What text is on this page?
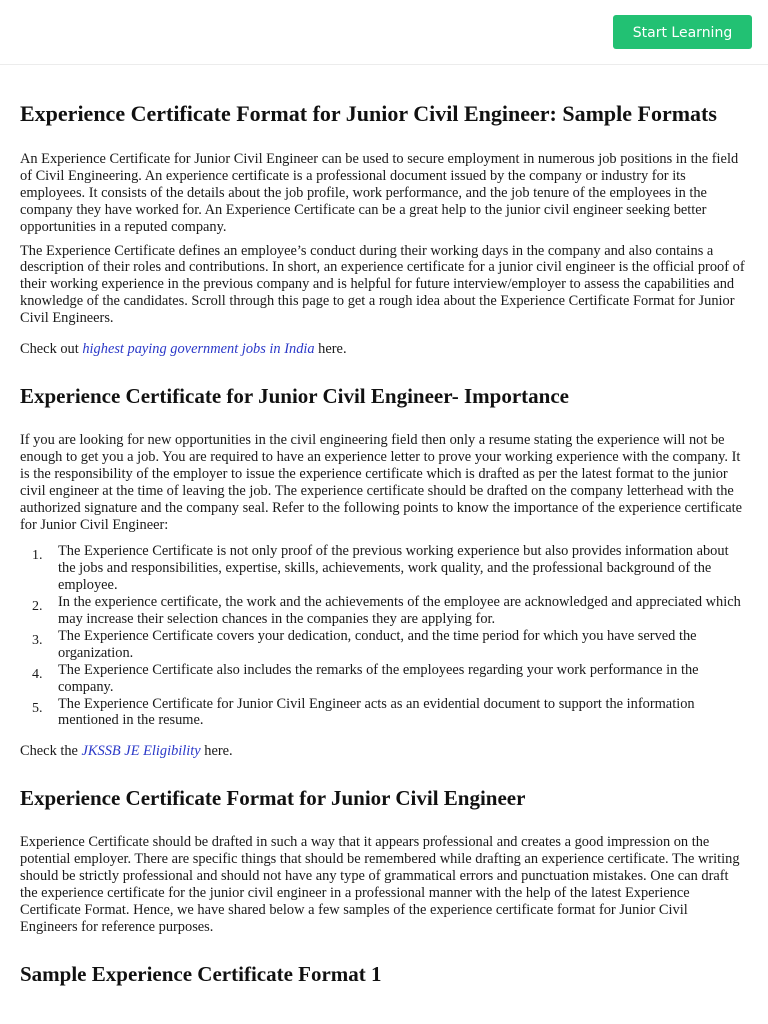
Start Learning
Experience Certificate Format for Junior Civil Engineer: Sample Formats

An Experience Certificate for Junior Civil Engineer can be used to secure employment in numerous job positions in the field of Civil Engineering. An experience certificate is a professional document issued by the company or industry for its employees. It consists of the details about the job profile, work performance, and the job tenure of the employees in the company they have worked for. An Experience Certificate can be a great help to the junior civil engineer seeking better opportunities in a reputed company.

The Experience Certificate defines an employee’s conduct during their working days in the company and also contains a description of their roles and contributions. In short, an experience certificate for a junior civil engineer is the official proof of their working experience in the previous company and is helpful for future interview/employer to assess the capabilities and knowledge of the candidates. Scroll through this page to get a rough idea about the Experience Certificate Format for Junior Civil Engineers.

Check out highest paying government jobs in India here.

Experience Certificate for Junior Civil Engineer- Importance

If you are looking for new opportunities in the civil engineering field then only a resume stating the experience will not be enough to get you a job. You are required to have an experience letter to prove your working experience with the company. It is the responsibility of the employer to issue the experience certificate which is drafted as per the latest format to the junior civil engineer at the time of leaving the job. The experience certificate should be drafted on the company letterhead with the authorized signature and the company seal. Refer to the following points to know the importance of the experience certificate for Junior Civil Engineer:

1. The Experience Certificate is not only proof of the previous working experience but also provides information about the jobs and responsibilities, expertise, skills, achievements, work quality, and the professional background of the employee.
2. In the experience certificate, the work and the achievements of the employee are acknowledged and appreciated which may increase their selection chances in the companies they are applying for.
3. The Experience Certificate covers your dedication, conduct, and the time period for which you have served the organization.
4. The Experience Certificate also includes the remarks of the employees regarding your work performance in the company.
5. The Experience Certificate for Junior Civil Engineer acts as an evidential document to support the information mentioned in the resume.

Check the JKSSB JE Eligibility here.

Experience Certificate Format for Junior Civil Engineer

Experience Certificate should be drafted in such a way that it appears professional and creates a good impression on the potential employer. There are specific things that should be remembered while drafting an experience certificate. The writing should be strictly professional and should not have any type of grammatical errors and punctuation mistakes. One can draft the experience certificate for the junior civil engineer in a professional manner with the help of the latest Experience Certificate Format. Hence, we have shared below a few samples of the experience certificate format for Junior Civil Engineers for reference purposes.

Sample Experience Certificate Format 1
